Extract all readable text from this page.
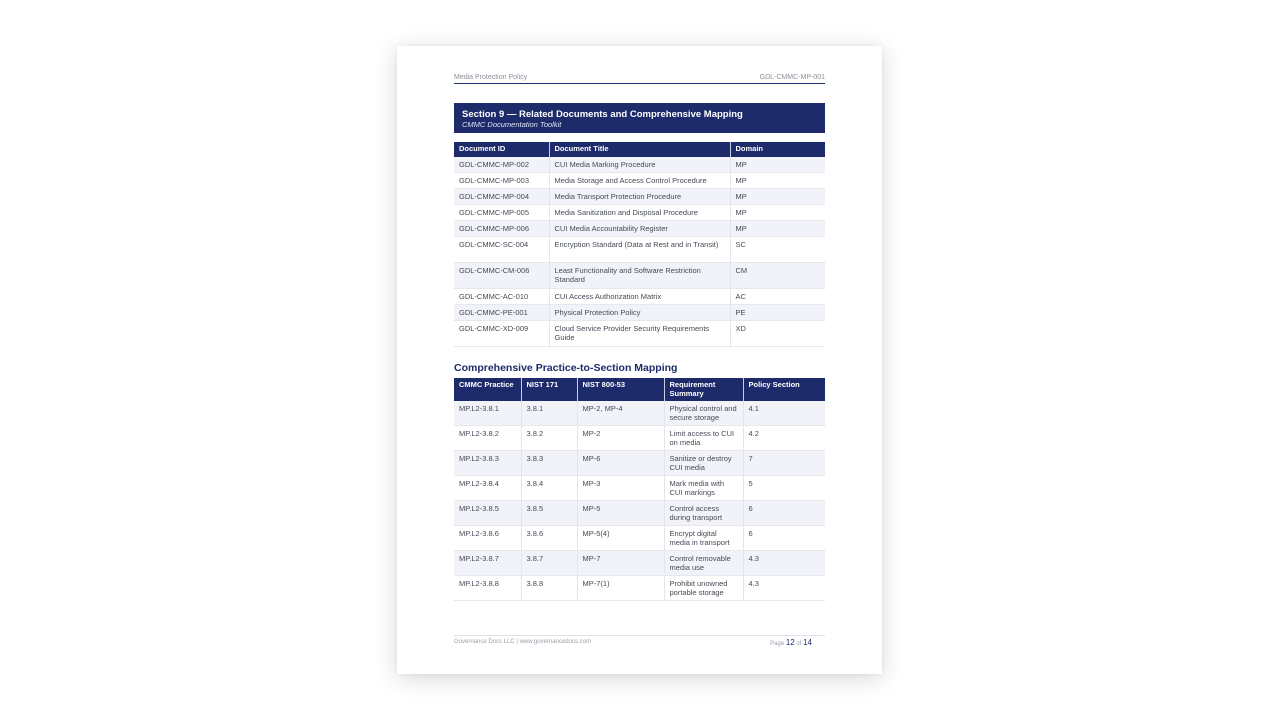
Media Protection Policy	GDL-CMMC-MP-001
Section 9 — Related Documents and Comprehensive Mapping
CMMC Documentation Toolkit
Document ID	Document Title	Domain
GDL-CMMC-MP-002	CUI Media Marking Procedure	MP
GDL-CMMC-MP-003	Media Storage and Access Control Procedure	MP
GDL-CMMC-MP-004	Media Transport Protection Procedure	MP
GDL-CMMC-MP-005	Media Sanitization and Disposal Procedure	MP
GDL-CMMC-MP-006	CUI Media Accountability Register	MP
GDL-CMMC-SC-004	Encryption Standard (Data at Rest and in Transit)	SC
GDL-CMMC-CM-006	Least Functionality and Software Restriction Standard	CM
GDL-CMMC-AC-010	CUI Access Authorization Matrix	AC
GDL-CMMC-PE-001	Physical Protection Policy	PE
GDL-CMMC-XD-009	Cloud Service Provider Security Requirements Guide	XD
Comprehensive Practice-to-Section Mapping
CMMC Practice	NIST 171	NIST 800-53	Requirement Summary	Policy Section
MP.L2-3.8.1	3.8.1	MP-2, MP-4	Physical control and secure storage	4.1
MP.L2-3.8.2	3.8.2	MP-2	Limit access to CUI on media	4.2
MP.L2-3.8.3	3.8.3	MP-6	Sanitize or destroy CUI media	7
MP.L2-3.8.4	3.8.4	MP-3	Mark media with CUI markings	5
MP.L2-3.8.5	3.8.5	MP-5	Control access during transport	6
MP.L2-3.8.6	3.8.6	MP-5(4)	Encrypt digital media in transport	6
MP.L2-3.8.7	3.8.7	MP-7	Control removable media use	4.3
MP.L2-3.8.8	3.8.8	MP-7(1)	Prohibit unowned portable storage	4.3
Governance Docs LLC | www.governancedocs.com	Page 12 of 14
